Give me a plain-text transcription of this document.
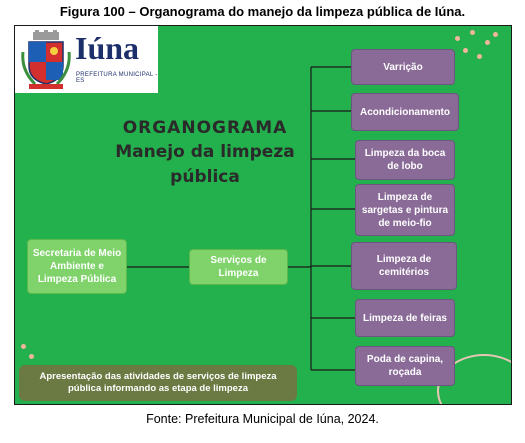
Figura 100 – Organograma do manejo da limpeza pública de Iúna.
Iúna
PREFEITURA MUNICIPAL - ES
ORGANOGRAMA
Manejo da limpeza
pública
Secretaria de Meio Ambiente e Limpeza Pública
Serviços de Limpeza
Varrição
Acondicionamento
Limpeza da boca de lobo
Limpeza de sargetas e pintura de meio-fio
Limpeza de cemitérios
Limpeza de feiras
Poda de capina, roçada
Apresentação das atividades de serviços de limpeza pública informando as etapa de limpeza
Fonte: Prefeitura Municipal de Iúna, 2024.
